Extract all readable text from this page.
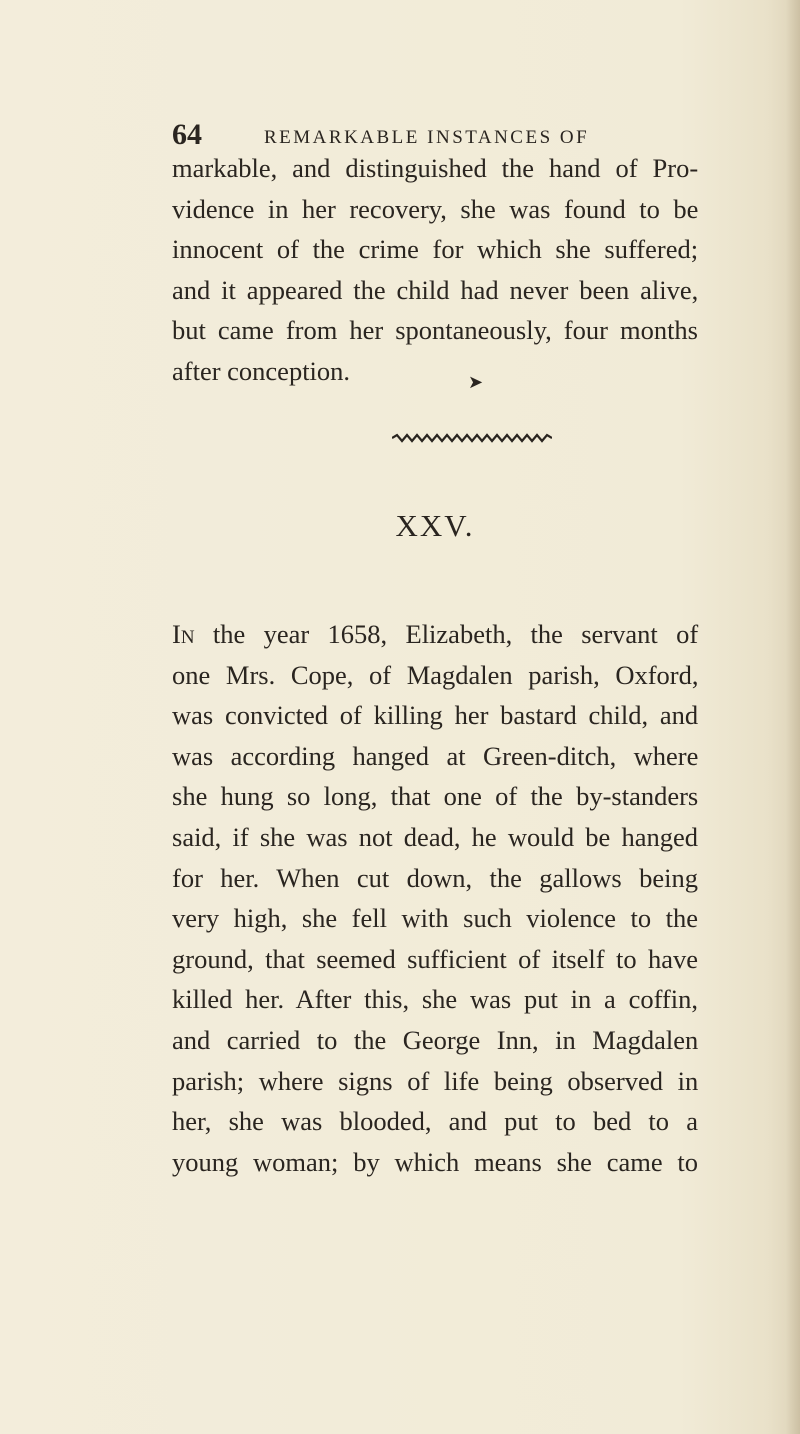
64	REMARKABLE INSTANCES OF
markable, and distinguished the hand of Pro-
vidence in her recovery, she was found to be
innocent of the crime for which she suffered;
and it appeared the child had never been alive,
but came from her spontaneously, four months
after conception.	➤
XXV.
In the year 1658, Elizabeth, the servant of
one Mrs. Cope, of Magdalen parish, Oxford,
was convicted of killing her bastard child, and
was according hanged at Green-ditch, where
she hung so long, that one of the by-standers
said, if she was not dead, he would be hanged
for her. When cut down, the gallows being
very high, she fell with such violence to the
ground, that seemed sufficient of itself to have
killed her. After this, she was put in a coffin,
and carried to the George Inn, in Magdalen
parish; where signs of life being observed in
her, she was blooded, and put to bed to a
young woman; by which means she came to
